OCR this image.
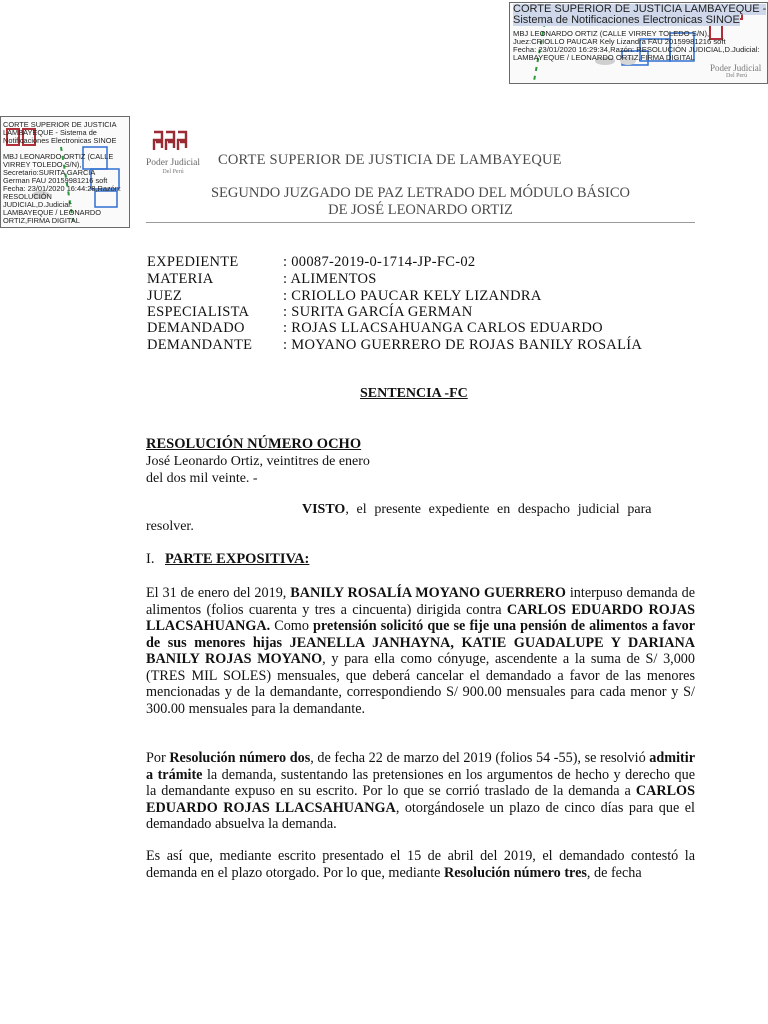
CORTE SUPERIOR DE JUSTICIA LAMBAYEQUE -
Sistema de Notificaciones Electronicas SINOE
MBJ LEONARDO ORTIZ (CALLE VIRREY TOLEDO S/N),
Juez:CRIOLLO PAUCAR Kely Lizandra FAU 20159981216 soft
Fecha: 23/01/2020 16:29:34,Razón: RESOLUCIÓN JUDICIAL,D.Judicial:
LAMBAYEQUE / LEONARDO ORTIZ,FIRMA DIGITAL
Poder Judicial
Del Perú
CORTE SUPERIOR DE JUSTICIA
LAMBAYEQUE - Sistema de
Notificaciones Electronicas SINOE
MBJ LEONARDO ORTIZ (CALLE
VIRREY TOLEDO S/N),
Secretario:SURITA GARCIA
German FAU 20159981216 soft
Fecha: 23/01/2020 16:44:28,Razón:
RESOLUCIÓN
JUDICIAL,D.Judicial:
LAMBAYEQUE / LEONARDO
ORTIZ,FIRMA DIGITAL
Poder Judicial
Del Perú
CORTE SUPERIOR DE JUSTICIA DE LAMBAYEQUE
SEGUNDO JUZGADO DE PAZ LETRADO DEL MÓDULO BÁSICO
DE JOSÉ LEONARDO ORTIZ
EXPEDIENTE	: 00087-2019-0-1714-JP-FC-02
MATERIA	: ALIMENTOS
JUEZ	: CRIOLLO PAUCAR KELY LIZANDRA
ESPECIALISTA : SURITA GARCÍA GERMAN
DEMANDADO	: ROJAS LLACSAHUANGA CARLOS EDUARDO
DEMANDANTE : MOYANO GUERRERO DE ROJAS BANILY ROSALÍA
SENTENCIA -FC
RESOLUCIÓN NÚMERO OCHO
José Leonardo Ortiz, veintitres de enero
del dos mil veinte. -
VISTO, el presente expediente en despacho judicial para
resolver.
I. PARTE EXPOSITIVA:
El 31 de enero del 2019, BANILY ROSALÍA MOYANO GUERRERO interpuso demanda de alimentos (folios cuarenta y tres a cincuenta) dirigida contra CARLOS EDUARDO ROJAS LLACSAHUANGA. Como pretensión solicitó que se fije una pensión de alimentos a favor de sus menores hijas JEANELLA JANHAYNA, KATIE GUADALUPE Y DARIANA BANILY ROJAS MOYANO, y para ella como cónyuge, ascendente a la suma de S/ 3,000 (TRES MIL SOLES) mensuales, que deberá cancelar el demandado a favor de las menores mencionadas y de la demandante, correspondiendo S/ 900.00 mensuales para cada menor y S/ 300.00 mensuales para la demandante.
Por Resolución número dos, de fecha 22 de marzo del 2019 (folios 54 -55), se resolvió admitir a trámite la demanda, sustentando las pretensiones en los argumentos de hecho y derecho que la demandante expuso en su escrito. Por lo que se corrió traslado de la demanda a CARLOS EDUARDO ROJAS LLACSAHUANGA, otorgándosele un plazo de cinco días para que el demandado absuelva la demanda.
Es así que, mediante escrito presentado el 15 de abril del 2019, el demandado contestó la demanda en el plazo otorgado. Por lo que, mediante Resolución número tres, de fecha
